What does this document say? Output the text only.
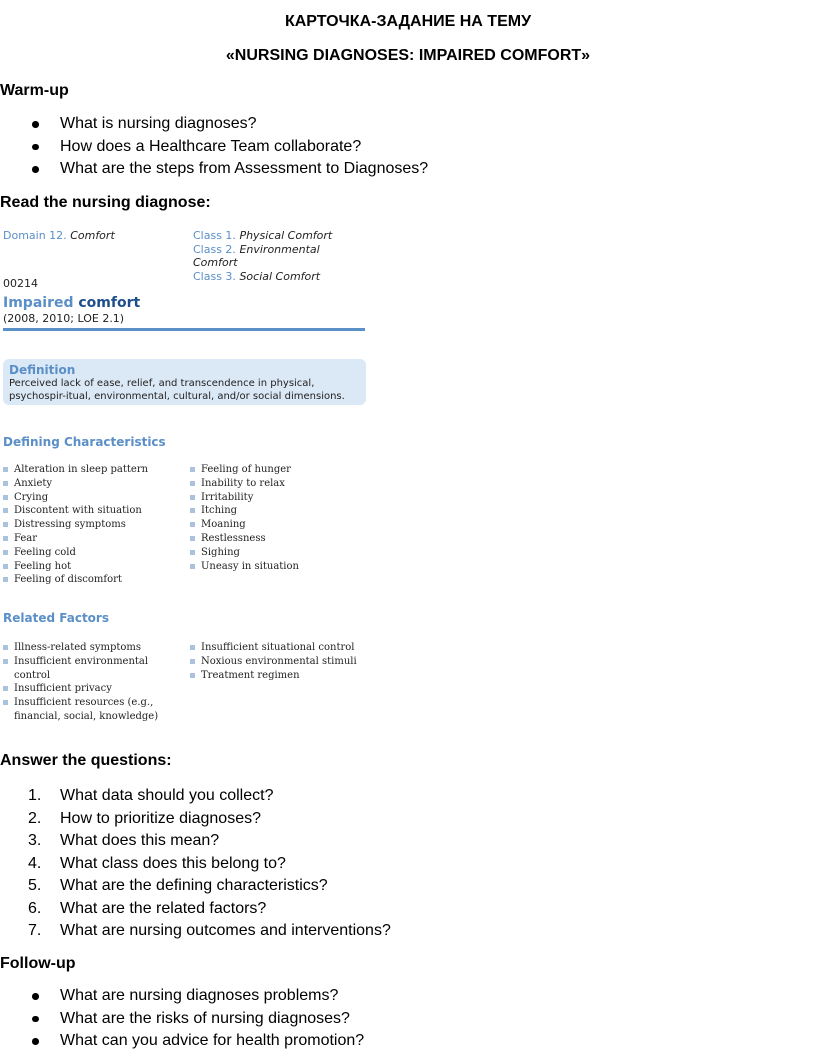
КАРТОЧКА-ЗАДАНИЕ НА ТЕМУ
«NURSING DIAGNOSES: IMPAIRED COMFORT»
Warm-up
What is nursing diagnoses?
How does a Healthcare Team collaborate?
What are the steps from Assessment to Diagnoses?
Read the nursing diagnose:
Domain 12. Comfort	Class 1. Physical Comfort
Class 2. Environmental Comfort
Class 3. Social Comfort
00214
Impaired comfort
(2008, 2010; LOE 2.1)
Definition
Perceived lack of ease, relief, and transcendence in physical, psychospir-itual, environmental, cultural, and/or social dimensions.
Defining Characteristics
Alteration in sleep pattern
Anxiety
Crying
Discontent with situation
Distressing symptoms
Fear
Feeling cold
Feeling hot
Feeling of discomfort
Feeling of hunger
Inability to relax
Irritability
Itching
Moaning
Restlessness
Sighing
Uneasy in situation
Related Factors
Illness-related symptoms
Insufficient environmental control
Insufficient privacy
Insufficient resources (e.g., financial, social, knowledge)
Insufficient situational control
Noxious environmental stimuli
Treatment regimen
Answer the questions:
1. What data should you collect?
2. How to prioritize diagnoses?
3. What does this mean?
4. What class does this belong to?
5. What are the defining characteristics?
6. What are the related factors?
7. What are nursing outcomes and interventions?
Follow-up
What are nursing diagnoses problems?
What are the risks of nursing diagnoses?
What can you advice for health promotion?
